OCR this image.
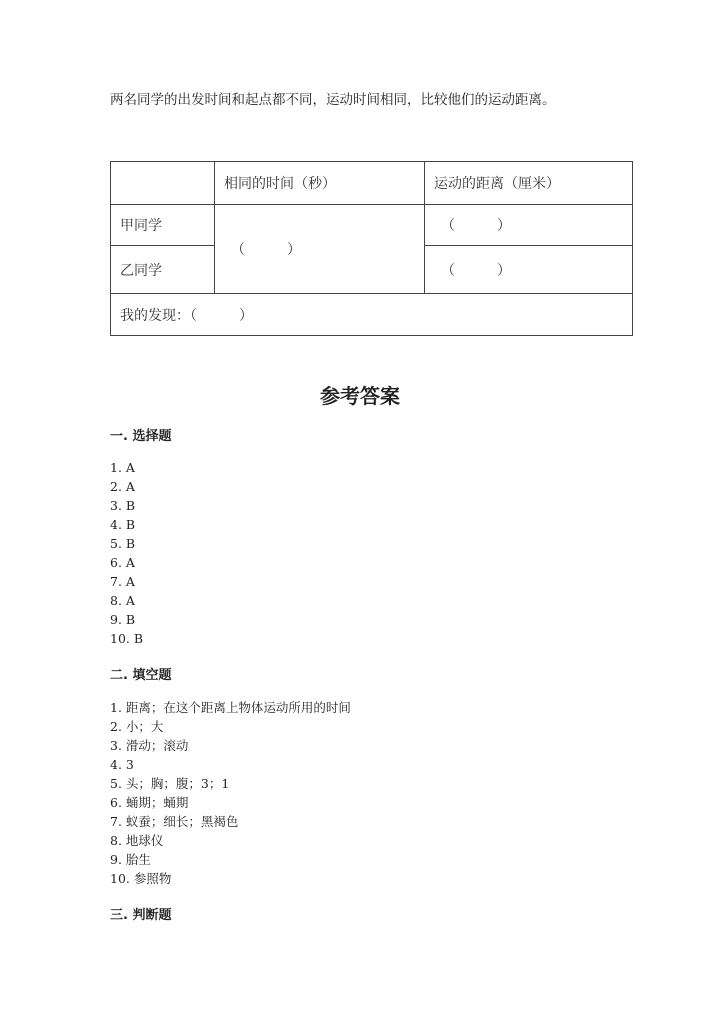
两名同学的出发时间和起点都不同，运动时间相同，比较他们的运动距离。
	相同的时间（秒）	运动的距离（厘米）
甲同学	（　　　）	（　　　）
乙同学		（　　　）
我的发现：（　　　）		
参考答案
一. 选择题
1. A
2. A
3. B
4. B
5. B
6. A
7. A
8. A
9. B
10. B
二. 填空题
1. 距离；在这个距离上物体运动所用的时间
2. 小；大
3. 滑动；滚动
4. 3
5. 头；胸；腹；3；1
6. 蛹期；蛹期
7. 蚁蚕；细长；黑褐色
8. 地球仪
9. 胎生
10. 参照物
三. 判断题
